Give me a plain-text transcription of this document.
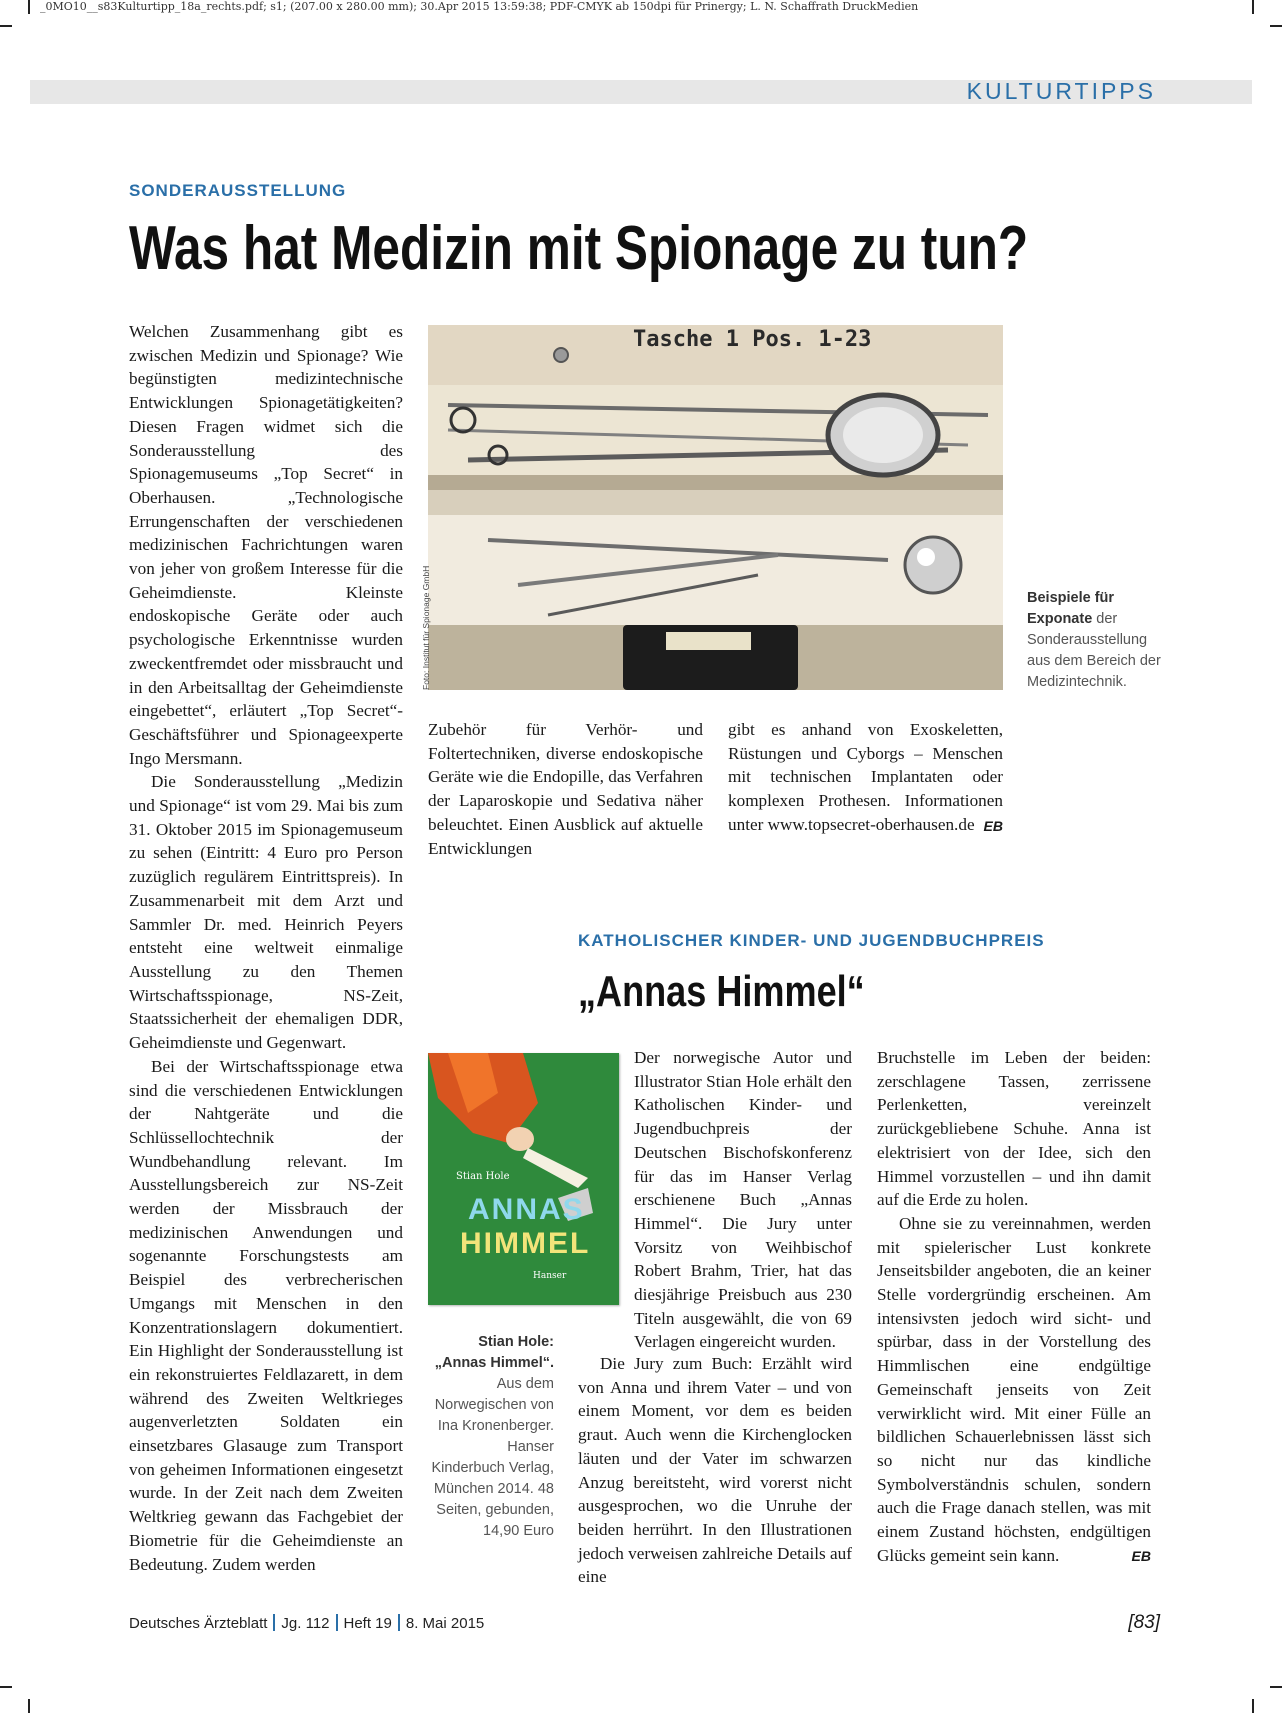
_0MO10__s83Kulturtipp_18a_rechts.pdf; s1; (207.00 x 280.00 mm); 30.Apr 2015 13:59:38; PDF-CMYK ab 150dpi für Prinergy; L. N. Schaffrath DruckMedien
KULTURTIPPS
SONDERAUSSTELLUNG
Was hat Medizin mit Spionage zu tun?

Welchen Zusammenhang gibt es zwischen Medizin und Spionage? Wie begünstigten medizintechnische Entwicklungen Spionagetätigkeiten? Diesen Fragen widmet sich die Sonderausstellung des Spionagemuseums „Top Secret“ in Oberhausen. „Technologische Errungenschaften der verschiedenen medizinischen Fachrichtungen waren von jeher von großem Interesse für die Geheimdienste. Kleinste endoskopische Geräte oder auch psychologische Erkenntnisse wurden zweckentfremdet oder missbraucht und in den Arbeitsalltag der Geheimdienste eingebettet“, erläutert „Top Secret“-Geschäftsführer und Spionageexperte Ingo Mersmann.

Die Sonderausstellung „Medizin und Spionage“ ist vom 29. Mai bis zum 31. Oktober 2015 im Spionagemuseum zu sehen (Eintritt: 4 Euro pro Person zuzüglich regulärem Eintrittspreis). In Zusammenarbeit mit dem Arzt und Sammler Dr. med. Heinrich Peyers entsteht eine weltweit einmalige Ausstellung zu den Themen Wirtschaftsspionage, NS-Zeit, Staatssicherheit der ehemaligen DDR, Geheimdienste und Gegenwart.

Bei der Wirtschaftsspionage etwa sind die verschiedenen Entwicklungen der Nahtgeräte und die Schlüssellochtechnik der Wundbehandlung relevant. Im Ausstellungsbereich zur NS-Zeit werden der Missbrauch der medizinischen Anwendungen und sogenannte Forschungstests am Beispiel des verbrecherischen Umgangs mit Menschen in den Konzentrationslagern dokumentiert. Ein Highlight der Sonderausstellung ist ein rekonstruiertes Feldlazarett, in dem während des Zweiten Weltkrieges augenverletzten Soldaten ein einsetzbares Glasauge zum Transport von geheimen Informationen eingesetzt wurde. In der Zeit nach dem Zweiten Weltkrieg gewann das Fachgebiet der Biometrie für die Geheimdienste an Bedeutung. Zudem werden

Tasche 1 Pos. 1-23
Foto: Institut für Spionage GmbH	Beispiele für Exponate der Sonderausstellung aus dem Bereich der Medizintechnik.

Zubehör für Verhör- und Foltertechniken, diverse endoskopische Geräte wie die Endopille, das Verfahren der Laparoskopie und Sedativa näher beleuchtet. Einen Ausblick auf aktuelle Entwicklungen

gibt es anhand von Exoskeletten, Rüstungen und Cyborgs – Menschen mit technischen Implantaten oder komplexen Prothesen. Informationen unter www.topsecret-oberhausen.de EB
KATHOLISCHER KINDER- UND JUGENDBUCHPREIS
„Annas Himmel“
Stian Hole
ANNAS
HIMMEL
Hanser
Stian Hole: „Annas Himmel“. Aus dem Norwegischen von Ina Kronenberger. Hanser Kinderbuch Verlag, München 2014. 48 Seiten, gebunden, 14,90 Euro

Der norwegische Autor und Illustrator Stian Hole erhält den Katholischen Kinder- und Jugendbuchpreis der Deutschen Bischofskonferenz für das im Hanser Verlag erschienene Buch „Annas Himmel“. Die Jury unter Vorsitz von Weihbischof Robert Brahm, Trier, hat das diesjährige Preisbuch aus 230 Titeln ausgewählt, die von 69 Verlagen eingereicht wurden.

Die Jury zum Buch: Erzählt wird von Anna und ihrem Vater – und von einem Moment, vor dem es beiden graut. Auch wenn die Kirchenglocken läuten und der Vater im schwarzen Anzug bereitsteht, wird vorerst nicht ausgesprochen, wo die Unruhe der beiden herrührt. In den Illustrationen jedoch verweisen zahlreiche Details auf eine

Bruchstelle im Leben der beiden: zerschlagene Tassen, zerrissene Perlenketten, vereinzelt zurückgebliebene Schuhe. Anna ist elektrisiert von der Idee, sich den Himmel vorzustellen – und ihn damit auf die Erde zu holen.

Ohne sie zu vereinnahmen, werden mit spielerischer Lust konkrete Jenseitsbilder angeboten, die an keiner Stelle vordergründig erscheinen. Am intensivsten jedoch wird sicht- und spürbar, dass in der Vorstellung des Himmlischen eine endgültige Gemeinschaft jenseits von Zeit verwirklicht wird. Mit einer Fülle an bildlichen Schauerlebnissen lässt sich so nicht nur das kindliche Symbolverständnis schulen, sondern auch die Frage danach stellen, was mit einem Zustand höchsten, endgültigen Glücks gemeint sein kann.	EB
Deutsches Ärzteblatt Jg. 112 Heft 19 8. Mai 2015	[83]
